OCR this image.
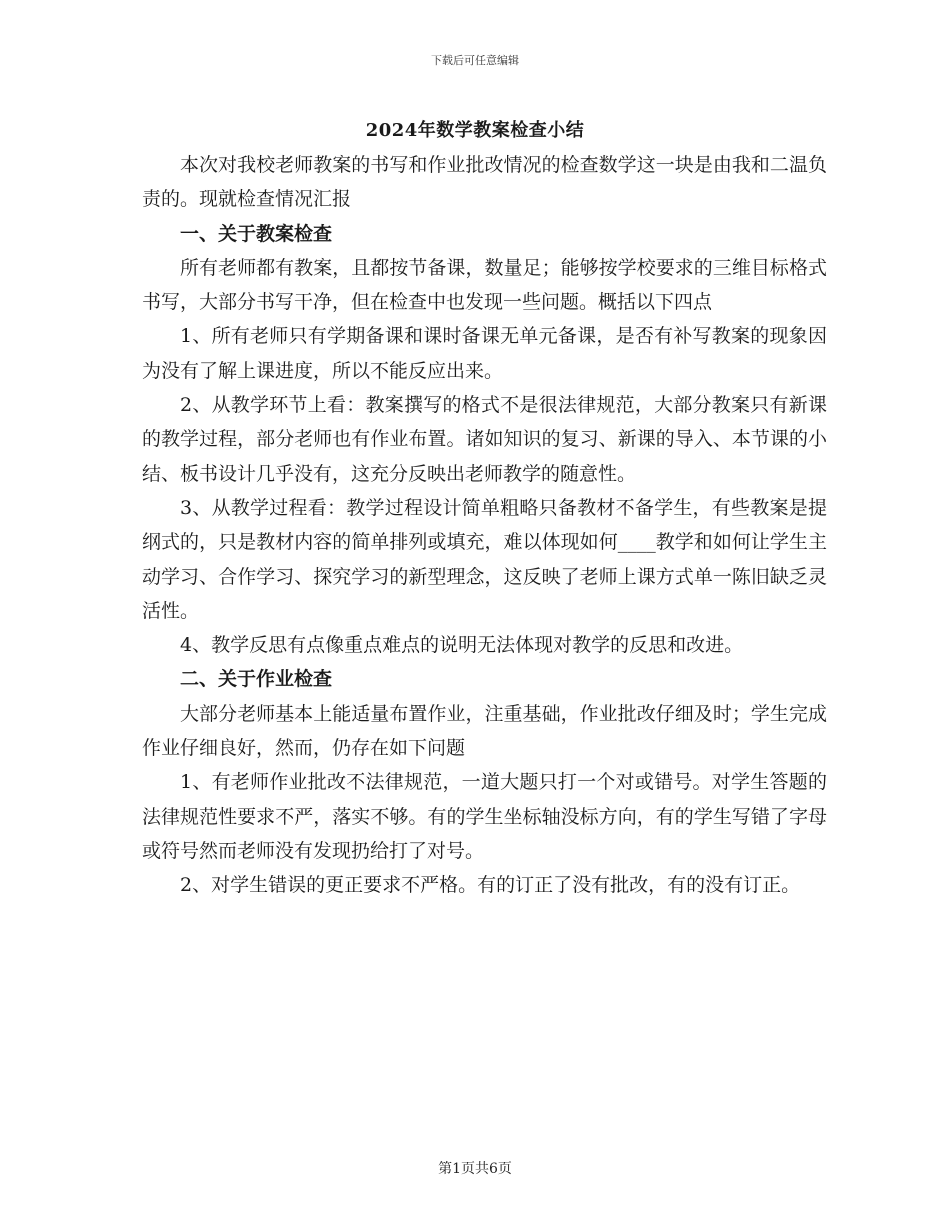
下载后可任意编辑
2024年数学教案检查小结

本次对我校老师教案的书写和作业批改情况的检查数学这一块是由我和二温负责的。现就检查情况汇报

一、关于教案检查

所有老师都有教案，且都按节备课，数量足；能够按学校要求的三维目标格式书写，大部分书写干净，但在检查中也发现一些问题。概括以下四点

1、所有老师只有学期备课和课时备课无单元备课，是否有补写教案的现象因为没有了解上课进度，所以不能反应出来。

2、从教学环节上看：教案撰写的格式不是很法律规范，大部分教案只有新课的教学过程，部分老师也有作业布置。诸如知识的复习、新课的导入、本节课的小结、板书设计几乎没有，这充分反映出老师教学的随意性。

3、从教学过程看：教学过程设计简单粗略只备教材不备学生，有些教案是提纲式的，只是教材内容的简单排列或填充，难以体现如何____教学和如何让学生主动学习、合作学习、探究学习的新型理念，这反映了老师上课方式单一陈旧缺乏灵活性。

4、教学反思有点像重点难点的说明无法体现对教学的反思和改进。

二、关于作业检查

大部分老师基本上能适量布置作业，注重基础，作业批改仔细及时；学生完成作业仔细良好，然而，仍存在如下问题

1、有老师作业批改不法律规范，一道大题只打一个对或错号。对学生答题的法律规范性要求不严，落实不够。有的学生坐标轴没标方向，有的学生写错了字母或符号然而老师没有发现扔给打了对号。

2、对学生错误的更正要求不严格。有的订正了没有批改，有的没有订正。

第1页共6页
